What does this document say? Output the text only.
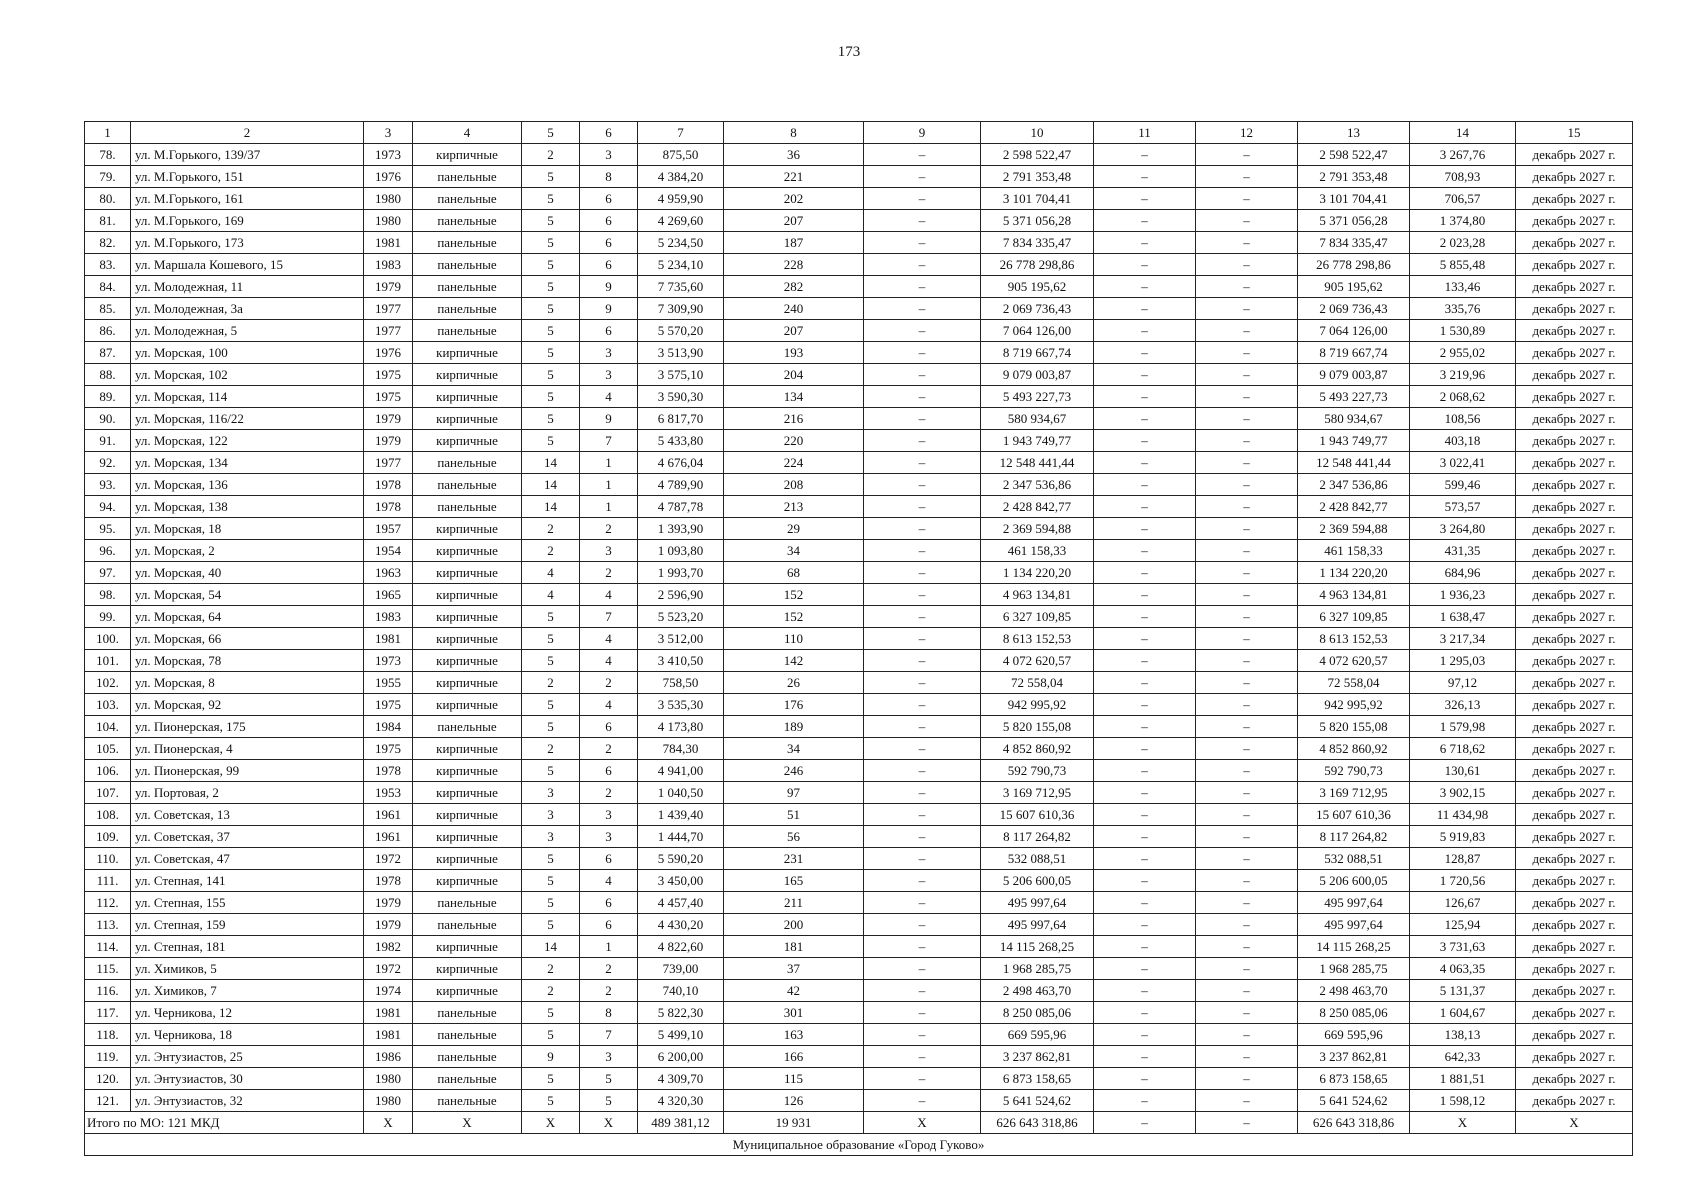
173
1	2	3	4	5	6	7	8	9	10	11	12	13	14	15
78.	ул. М.Горького, 139/37	1973	кирпичные	2	3	875,50	36	–	2 598 522,47	–	–	2 598 522,47	3 267,76	декабрь 2027 г.
79.	ул. М.Горького, 151	1976	панельные	5	8	4 384,20	221	–	2 791 353,48	–	–	2 791 353,48	708,93	декабрь 2027 г.
80.	ул. М.Горького, 161	1980	панельные	5	6	4 959,90	202	–	3 101 704,41	–	–	3 101 704,41	706,57	декабрь 2027 г.
81.	ул. М.Горького, 169	1980	панельные	5	6	4 269,60	207	–	5 371 056,28	–	–	5 371 056,28	1 374,80	декабрь 2027 г.
82.	ул. М.Горького, 173	1981	панельные	5	6	5 234,50	187	–	7 834 335,47	–	–	7 834 335,47	2 023,28	декабрь 2027 г.
83.	ул. Маршала Кошевого, 15	1983	панельные	5	6	5 234,10	228	–	26 778 298,86	–	–	26 778 298,86	5 855,48	декабрь 2027 г.
84.	ул. Молодежная, 11	1979	панельные	5	9	7 735,60	282	–	905 195,62	–	–	905 195,62	133,46	декабрь 2027 г.
85.	ул. Молодежная, 3а	1977	панельные	5	9	7 309,90	240	–	2 069 736,43	–	–	2 069 736,43	335,76	декабрь 2027 г.
86.	ул. Молодежная, 5	1977	панельные	5	6	5 570,20	207	–	7 064 126,00	–	–	7 064 126,00	1 530,89	декабрь 2027 г.
87.	ул. Морская, 100	1976	кирпичные	5	3	3 513,90	193	–	8 719 667,74	–	–	8 719 667,74	2 955,02	декабрь 2027 г.
88.	ул. Морская, 102	1975	кирпичные	5	3	3 575,10	204	–	9 079 003,87	–	–	9 079 003,87	3 219,96	декабрь 2027 г.
89.	ул. Морская, 114	1975	кирпичные	5	4	3 590,30	134	–	5 493 227,73	–	–	5 493 227,73	2 068,62	декабрь 2027 г.
90.	ул. Морская, 116/22	1979	кирпичные	5	9	6 817,70	216	–	580 934,67	–	–	580 934,67	108,56	декабрь 2027 г.
91.	ул. Морская, 122	1979	кирпичные	5	7	5 433,80	220	–	1 943 749,77	–	–	1 943 749,77	403,18	декабрь 2027 г.
92.	ул. Морская, 134	1977	панельные	14	1	4 676,04	224	–	12 548 441,44	–	–	12 548 441,44	3 022,41	декабрь 2027 г.
93.	ул. Морская, 136	1978	панельные	14	1	4 789,90	208	–	2 347 536,86	–	–	2 347 536,86	599,46	декабрь 2027 г.
94.	ул. Морская, 138	1978	панельные	14	1	4 787,78	213	–	2 428 842,77	–	–	2 428 842,77	573,57	декабрь 2027 г.
95.	ул. Морская, 18	1957	кирпичные	2	2	1 393,90	29	–	2 369 594,88	–	–	2 369 594,88	3 264,80	декабрь 2027 г.
96.	ул. Морская, 2	1954	кирпичные	2	3	1 093,80	34	–	461 158,33	–	–	461 158,33	431,35	декабрь 2027 г.
97.	ул. Морская, 40	1963	кирпичные	4	2	1 993,70	68	–	1 134 220,20	–	–	1 134 220,20	684,96	декабрь 2027 г.
98.	ул. Морская, 54	1965	кирпичные	4	4	2 596,90	152	–	4 963 134,81	–	–	4 963 134,81	1 936,23	декабрь 2027 г.
99.	ул. Морская, 64	1983	кирпичные	5	7	5 523,20	152	–	6 327 109,85	–	–	6 327 109,85	1 638,47	декабрь 2027 г.
100.	ул. Морская, 66	1981	кирпичные	5	4	3 512,00	110	–	8 613 152,53	–	–	8 613 152,53	3 217,34	декабрь 2027 г.
101.	ул. Морская, 78	1973	кирпичные	5	4	3 410,50	142	–	4 072 620,57	–	–	4 072 620,57	1 295,03	декабрь 2027 г.
102.	ул. Морская, 8	1955	кирпичные	2	2	758,50	26	–	72 558,04	–	–	72 558,04	97,12	декабрь 2027 г.
103.	ул. Морская, 92	1975	кирпичные	5	4	3 535,30	176	–	942 995,92	–	–	942 995,92	326,13	декабрь 2027 г.
104.	ул. Пионерская, 175	1984	панельные	5	6	4 173,80	189	–	5 820 155,08	–	–	5 820 155,08	1 579,98	декабрь 2027 г.
105.	ул. Пионерская, 4	1975	кирпичные	2	2	784,30	34	–	4 852 860,92	–	–	4 852 860,92	6 718,62	декабрь 2027 г.
106.	ул. Пионерская, 99	1978	кирпичные	5	6	4 941,00	246	–	592 790,73	–	–	592 790,73	130,61	декабрь 2027 г.
107.	ул. Портовая, 2	1953	кирпичные	3	2	1 040,50	97	–	3 169 712,95	–	–	3 169 712,95	3 902,15	декабрь 2027 г.
108.	ул. Советская, 13	1961	кирпичные	3	3	1 439,40	51	–	15 607 610,36	–	–	15 607 610,36	11 434,98	декабрь 2027 г.
109.	ул. Советская, 37	1961	кирпичные	3	3	1 444,70	56	–	8 117 264,82	–	–	8 117 264,82	5 919,83	декабрь 2027 г.
110.	ул. Советская, 47	1972	кирпичные	5	6	5 590,20	231	–	532 088,51	–	–	532 088,51	128,87	декабрь 2027 г.
111.	ул. Степная, 141	1978	кирпичные	5	4	3 450,00	165	–	5 206 600,05	–	–	5 206 600,05	1 720,56	декабрь 2027 г.
112.	ул. Степная, 155	1979	панельные	5	6	4 457,40	211	–	495 997,64	–	–	495 997,64	126,67	декабрь 2027 г.
113.	ул. Степная, 159	1979	панельные	5	6	4 430,20	200	–	495 997,64	–	–	495 997,64	125,94	декабрь 2027 г.
114.	ул. Степная, 181	1982	кирпичные	14	1	4 822,60	181	–	14 115 268,25	–	–	14 115 268,25	3 731,63	декабрь 2027 г.
115.	ул. Химиков, 5	1972	кирпичные	2	2	739,00	37	–	1 968 285,75	–	–	1 968 285,75	4 063,35	декабрь 2027 г.
116.	ул. Химиков, 7	1974	кирпичные	2	2	740,10	42	–	2 498 463,70	–	–	2 498 463,70	5 131,37	декабрь 2027 г.
117.	ул. Черникова, 12	1981	панельные	5	8	5 822,30	301	–	8 250 085,06	–	–	8 250 085,06	1 604,67	декабрь 2027 г.
118.	ул. Черникова, 18	1981	панельные	5	7	5 499,10	163	–	669 595,96	–	–	669 595,96	138,13	декабрь 2027 г.
119.	ул. Энтузиастов, 25	1986	панельные	9	3	6 200,00	166	–	3 237 862,81	–	–	3 237 862,81	642,33	декабрь 2027 г.
120.	ул. Энтузиастов, 30	1980	панельные	5	5	4 309,70	115	–	6 873 158,65	–	–	6 873 158,65	1 881,51	декабрь 2027 г.
121.	ул. Энтузиастов, 32	1980	панельные	5	5	4 320,30	126	–	5 641 524,62	–	–	5 641 524,62	1 598,12	декабрь 2027 г.
Итого по МО: 121 МКД		X	X	X	X	489 381,12	19 931	X	626 643 318,86	–	–	626 643 318,86	X	X
Муниципальное образование «Город Гуково»														
